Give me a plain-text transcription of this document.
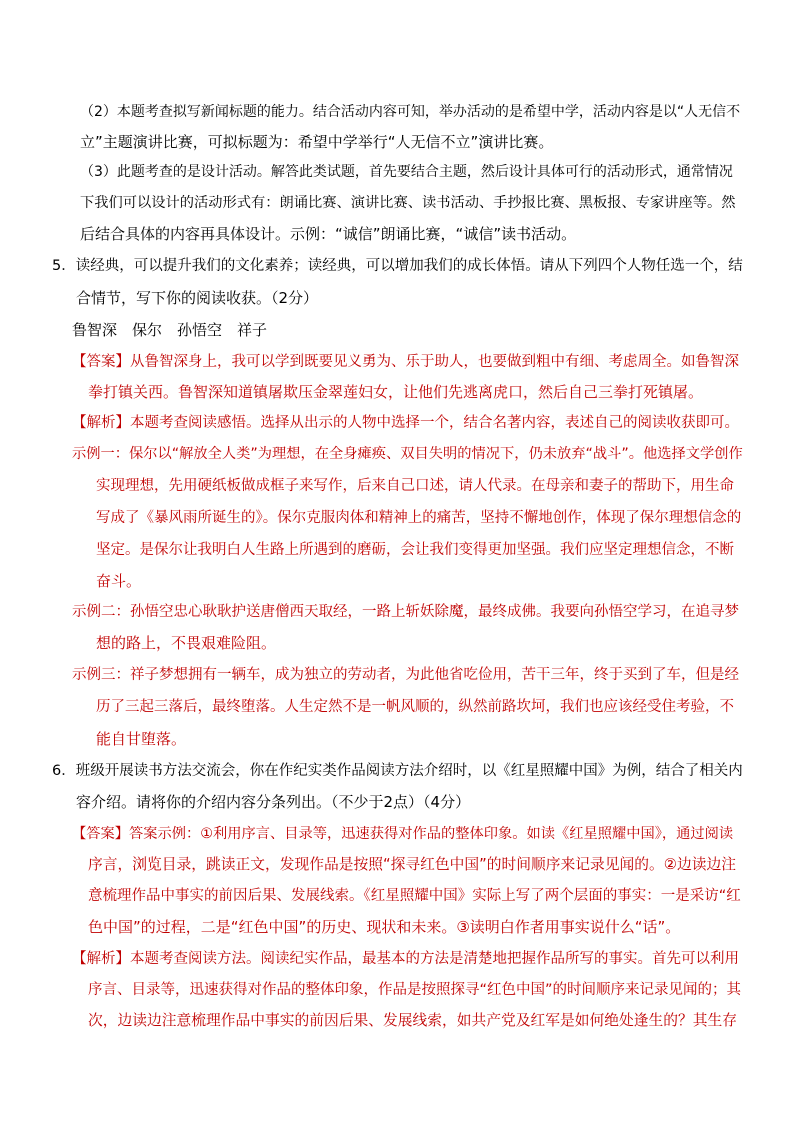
（2）本题考查拟写新闻标题的能力。结合活动内容可知，举办活动的是希望中学，活动内容是以“人无信不
立”主题演讲比赛，可拟标题为：希望中学举行“人无信不立”演讲比赛。
（3）此题考查的是设计活动。解答此类试题，首先要结合主题，然后设计具体可行的活动形式，通常情况
下我们可以设计的活动形式有：朗诵比赛、演讲比赛、读书活动、手抄报比赛、黑板报、专家讲座等。然
后结合具体的内容再具体设计。示例：“诚信”朗诵比赛，“诚信”读书活动。
5．读经典，可以提升我们的文化素养；读经典，可以增加我们的成长体悟。请从下列四个人物任选一个，结
合情节，写下你的阅读收获。（2分）
鲁智深　保尔　孙悟空　祥子
【答案】从鲁智深身上，我可以学到既要见义勇为、乐于助人，也要做到粗中有细、考虑周全。如鲁智深
拳打镇关西。鲁智深知道镇屠欺压金翠莲妇女，让他们先逃离虎口，然后自己三拳打死镇屠。
【解析】本题考查阅读感悟。选择从出示的人物中选择一个，结合名著内容，表述自己的阅读收获即可。
示例一：保尔以“解放全人类”为理想，在全身瘫痪、双目失明的情况下，仍未放弃“战斗”。他选择文学创作
实现理想，先用硬纸板做成框子来写作，后来自己口述，请人代录。在母亲和妻子的帮助下，用生命
写成了《暴风雨所诞生的》。保尔克服肉体和精神上的痛苦，坚持不懈地创作，体现了保尔理想信念的
坚定。是保尔让我明白人生路上所遇到的磨砺，会让我们变得更加坚强。我们应坚定理想信念，不断
奋斗。
示例二：孙悟空忠心耿耿护送唐僧西天取经，一路上斩妖除魔，最终成佛。我要向孙悟空学习，在追寻梦
想的路上，不畏艰难险阻。
示例三：祥子梦想拥有一辆车，成为独立的劳动者，为此他省吃俭用，苦干三年，终于买到了车，但是经
历了三起三落后，最终堕落。人生定然不是一帆风顺的，纵然前路坎坷，我们也应该经受住考验，不
能自甘堕落。
6．班级开展读书方法交流会，你在作纪实类作品阅读方法介绍时，以《红星照耀中国》为例，结合了相关内
容介绍。请将你的介绍内容分条列出。（不少于2点）（4分）
【答案】答案示例：①利用序言、目录等，迅速获得对作品的整体印象。如读《红星照耀中国》，通过阅读
序言，浏览目录，跳读正文，发现作品是按照“探寻红色中国”的时间顺序来记录见闻的。②边读边注
意梳理作品中事实的前因后果、发展线索。《红星照耀中国》实际上写了两个层面的事实：一是采访“红
色中国”的过程，二是“红色中国”的历史、现状和未来。③读明白作者用事实说什么“话”。
【解析】本题考查阅读方法。阅读纪实作品，最基本的方法是清楚地把握作品所写的事实。首先可以利用
序言、目录等，迅速获得对作品的整体印象，作品是按照探寻“红色中国”的时间顺序来记录见闻的；其
次，边读边注意梳理作品中事实的前因后果、发展线索，如共产党及红军是如何绝处逢生的？其生存
